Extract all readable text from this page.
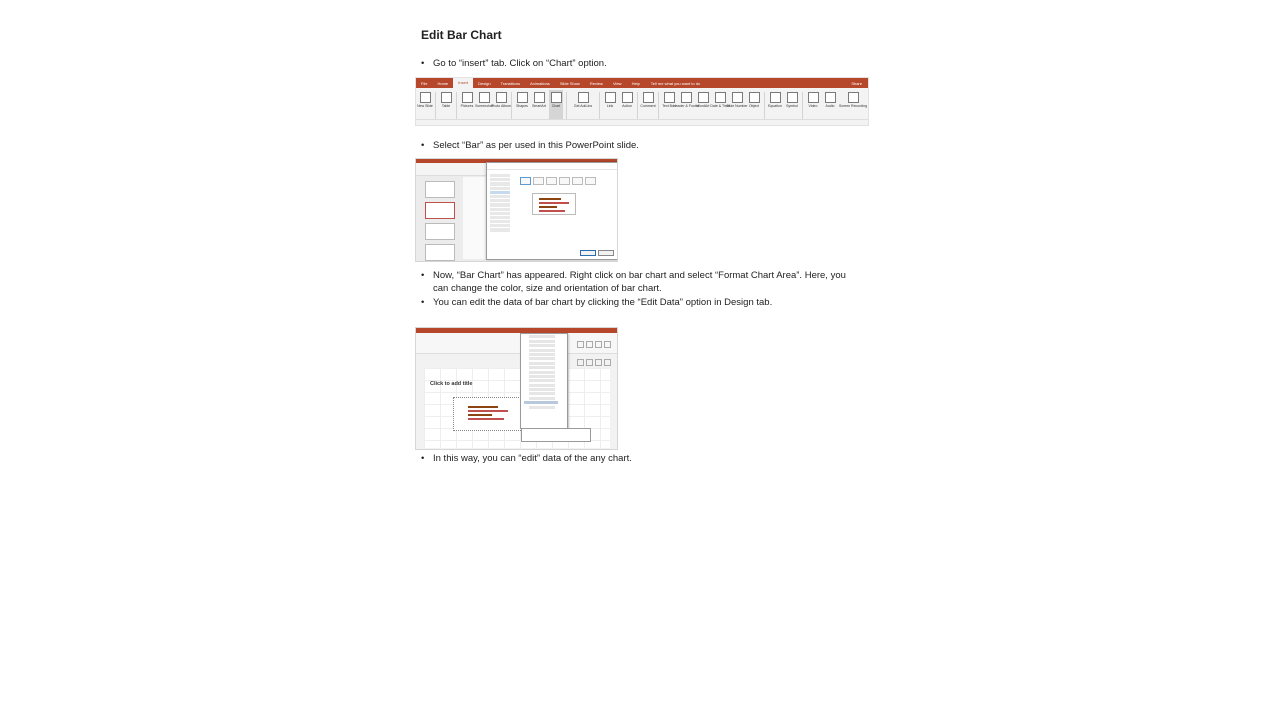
Edit Bar Chart
• Go to “insert” tab. Click on “Chart” option.
File	Home	Insert	Design	Transitions	Animations	Slide Show	Review	View	Help	Tell me what you want to do	Share
New Slide	Table	Pictures Screenshot
Photo Album Shapes SmartArt Chart	Get Add-ins	Link	Action Comment Text Box
Header & Footer
WordArt Date & Time
Slide Number Object	Equation Symbol	Video Audio Screen Recording
• Select “Bar” as per used in this PowerPoint slide.

• Now, “Bar Chart” has appeared. Right click on bar chart and select “Format Chart Area”. Here, you can change the color, size and orientation of bar chart.
• You can edit the data of bar chart by clicking the “Edit Data” option in Design tab.
Click to add title

• In this way, you can “edit” data of the any chart.
